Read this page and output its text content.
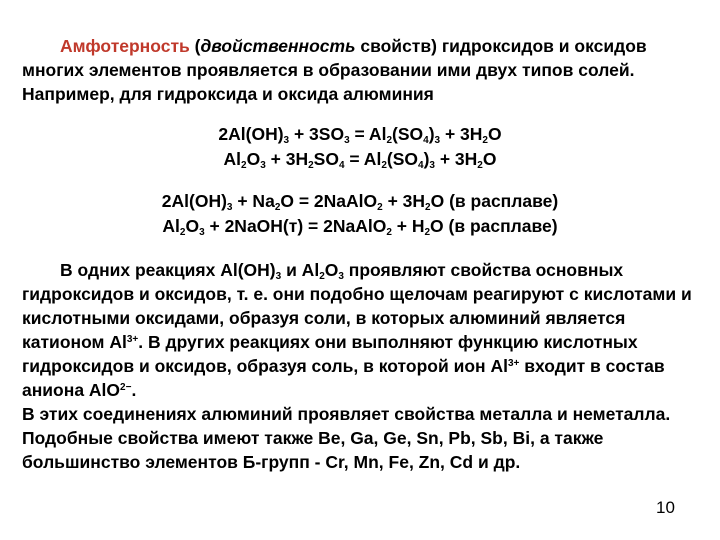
Амфотерность (двойственность свойств) гидроксидов и оксидов многих элементов проявляется в образовании ими двух типов солей. Например, для гидроксида и оксида алюминия

$2Al(OH)_3 + 3SO_3 = Al_2(SO_4)_3 + 3H_2O$

$Al_2O_3 + 3H_2SO_4 = Al_2(SO_4)_3 + 3H_2O$

$2Al(OH)_3 + Na_2O$ = 2NaAlO$_2$ + $3H_2O$ (в расплаве)

$Al_2O_3$ + 2NaOH(т) = 2NaAlO$_2$ + $H_2O$ (в расплаве)

В одних реакциях $Al(OH)_3$ и $Al_2O_3$ проявляют свойства основных гидроксидов и оксидов, т. е. они подобно щелочам реагируют с кислотами и кислотными оксидами, образуя соли, в которых алюминий является катионом $Al^{3+}$. В других реакциях они выполняют функцию кислотных гидроксидов и оксидов, образуя соль, в которой ион $Al^{3+}$ входит в состав аниона AlO$^{2-}$.
В этих соединениях алюминий проявляет свойства металла и неметалла. Подобные свойства имеют также Be, Ga, Ge, Sn, Pb, Sb, Bi, а также большинство элементов Б-групп - Cr, Mn, Fe, Zn, Cd и др.
10
